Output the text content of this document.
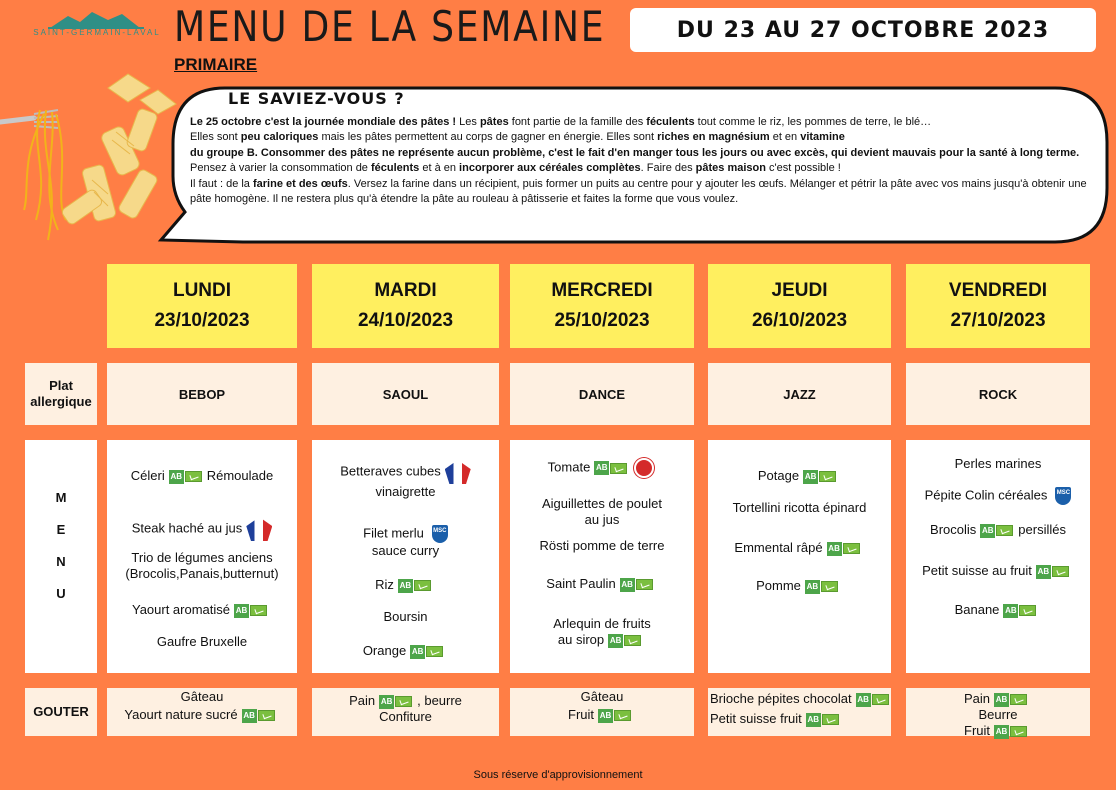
SAINT-GERMAIN-LAVAL MENU DE LA SEMAINE
PRIMAIRE
DU 23 AU 27 OCTOBRE 2023
LE SAVIEZ-VOUS ?

Le 25 octobre c'est la journée mondiale des pâtes ! Les pâtes font partie de la famille des féculents tout comme le riz, les pommes de terre, le blé…

Elles sont peu caloriques mais les pâtes permettent au corps de gagner en énergie. Elles sont riches en magnésium et en vitamine

du groupe B. Consommer des pâtes ne représente aucun problème, c'est le fait d'en manger tous les jours ou avec excès, qui devient mauvais pour la santé à long terme.

Pensez à varier la consommation de féculents et à en incorporer aux céréales complètes. Faire des pâtes maison c'est possible !

Il faut : de la farine et des œufs. Versez la farine dans un récipient, puis former un puits au centre pour y ajouter les œufs. Mélanger et pétrir la pâte avec vos mains jusqu'à obtenir une pâte homogène. Il ne restera plus qu'à étendre la pâte au rouleau à pâtisserie et faites la forme que vous voulez.

Plat
allergique
M
E
N
U
GOUTER
LUNDI
23/10/2023
BEBOP
Céleri AB Rémoulade
Steak haché au jus
Trio de légumes anciens
(Brocolis,Panais,butternut)
Yaourt aromatisé AB
Gaufre Bruxelle
Gâteau
Yaourt nature sucré AB
MARDI
24/10/2023
SAOUL
Betteraves cubes
vinaigrette
Filet merlu MSC
sauce curry
Riz AB
Boursin
Orange AB
Pain AB , beurre
Confiture
MERCREDI
25/10/2023
DANCE
Tomate AB
Aiguillettes de poulet
au jus
Rösti pomme de terre
Saint Paulin AB
Arlequin de fruits
au sirop AB
Gâteau
Fruit AB
JEUDI
26/10/2023
JAZZ
Potage AB
Tortellini ricotta épinard
Emmental râpé AB
Pomme AB
Brioche pépites chocolat AB
Petit suisse fruit AB
VENDREDI
27/10/2023
ROCK
Perles marines
Pépite Colin céréales MSC
Brocolis AB persillés
Petit suisse au fruit AB
Banane AB
Pain AB
Beurre
Fruit AB
Sous réserve d'approvisionnement
